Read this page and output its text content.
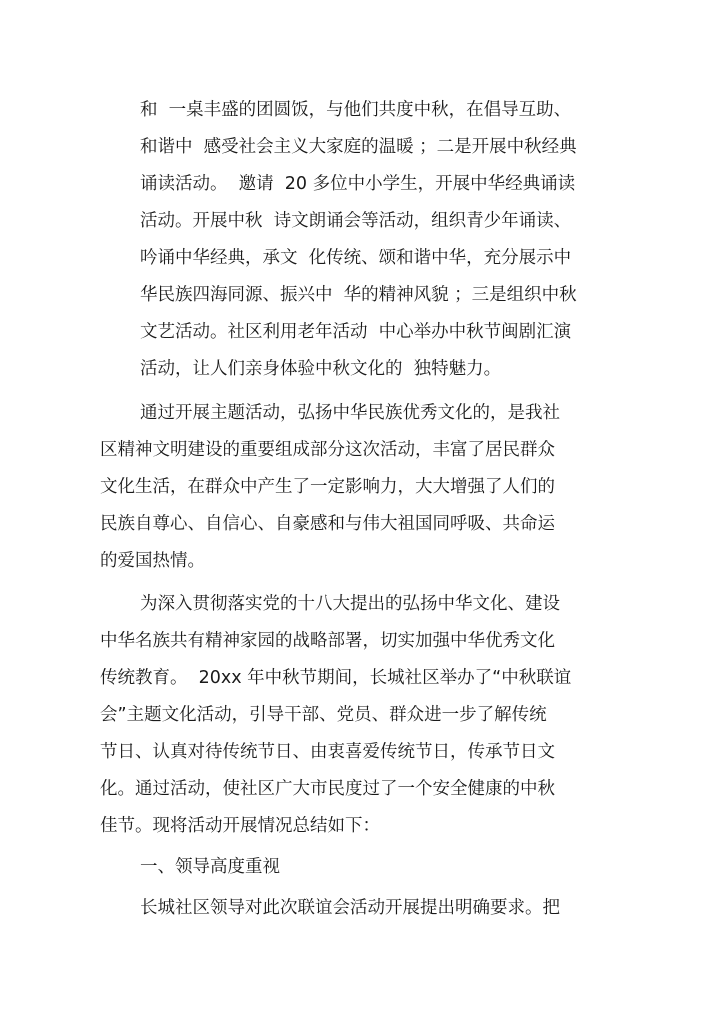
和  一桌丰盛的团圆饭，与他们共度中秋，在倡导互助、
和谐中  感受社会主义大家庭的温暖 ；二是开展中秋经典
诵读活动。  邀请  20 多位中小学生，开展中华经典诵读
活动。开展中秋  诗文朗诵会等活动，组织青少年诵读、
吟诵中华经典，承文  化传统、颂和谐中华，充分展示中
华民族四海同源、振兴中  华的精神风貌 ；三是组织中秋
文艺活动。社区利用老年活动  中心举办中秋节闽剧汇演
活动，让人们亲身体验中秋文化的  独特魅力。
通过开展主题活动，弘扬中华民族优秀文化的，是我社
区精神文明建设的重要组成部分这次活动，丰富了居民群众
文化生活，在群众中产生了一定影响力，大大增强了人们的
民族自尊心、自信心、自豪感和与伟大祖国同呼吸、共命运
的爱国热情。
为深入贯彻落实党的十八大提出的弘扬中华文化、建设
中华名族共有精神家园的战略部署，切实加强中华优秀文化
传统教育。  20xx 年中秋节期间，长城社区举办了“中秋联谊
会”主题文化活动，引导干部、党员、群众进一步了解传统
节日、认真对待传统节日、由衷喜爱传统节日，传承节日文
化。通过活动，使社区广大市民度过了一个安全健康的中秋
佳节。现将活动开展情况总结如下：
一、领导高度重视
长城社区领导对此次联谊会活动开展提出明确要求。把
